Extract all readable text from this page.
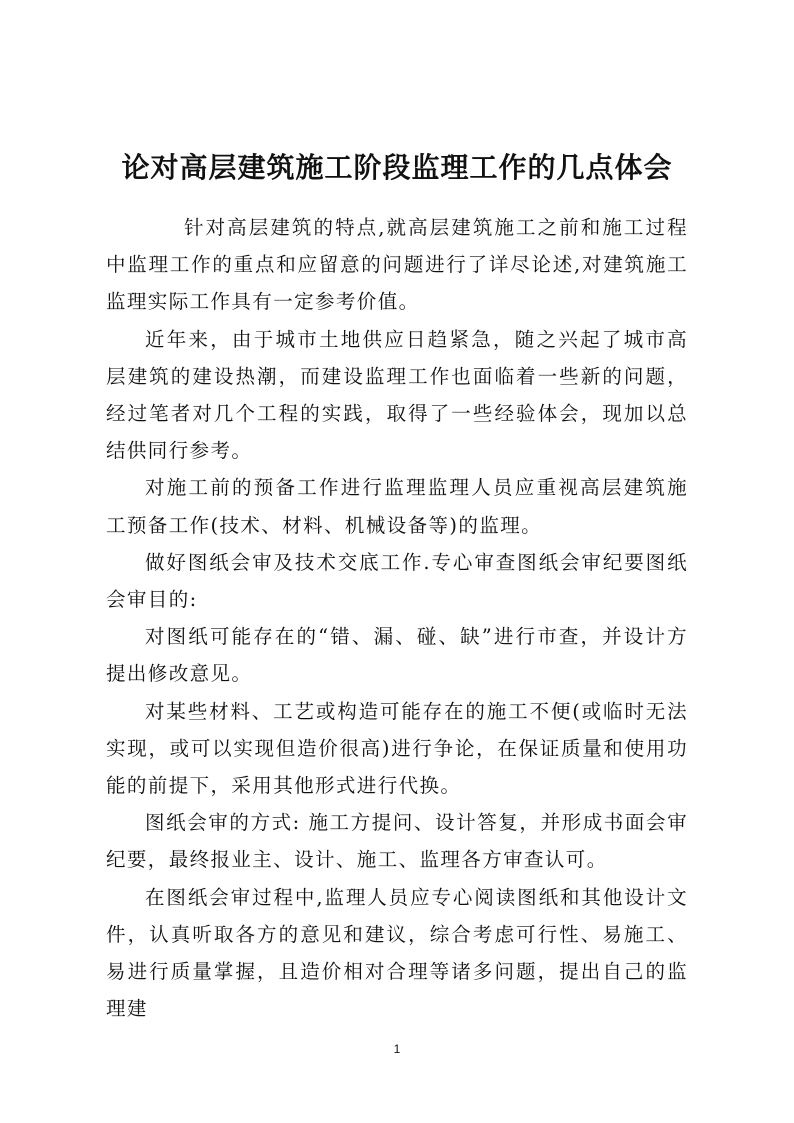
论对高层建筑施工阶段监理工作的几点体会

针对高层建筑的特点,就高层建筑施工之前和施工过程中监理工作的重点和应留意的问题进行了详尽论述,对建筑施工监理实际工作具有一定参考价值。

近年来，由于城市土地供应日趋紧急，随之兴起了城市高层建筑的建设热潮，而建设监理工作也面临着一些新的问题，经过笔者对几个工程的实践，取得了一些经验体会，现加以总结供同行参考。

对施工前的预备工作进行监理监理人员应重视高层建筑施工预备工作(技术、材料、机械设备等)的监理。

做好图纸会审及技术交底工作.专心审查图纸会审纪要图纸会审目的:

对图纸可能存在的“错、漏、碰、缺”进行市查，并设计方提出修改意见。

对某些材料、工艺或构造可能存在的施工不便(或临时无法实现，或可以实现但造价很高)进行争论，在保证质量和使用功能的前提下，采用其他形式进行代换。

图纸会审的方式: 施工方提问、设计答复，并形成书面会审纪要，最终报业主、设计、施工、监理各方审查认可。

在图纸会审过程中,监理人员应专心阅读图纸和其他设计文件，认真听取各方的意见和建议，综合考虑可行性、易施工、易进行质量掌握，且造价相对合理等诸多问题，提出自己的监理建

1
